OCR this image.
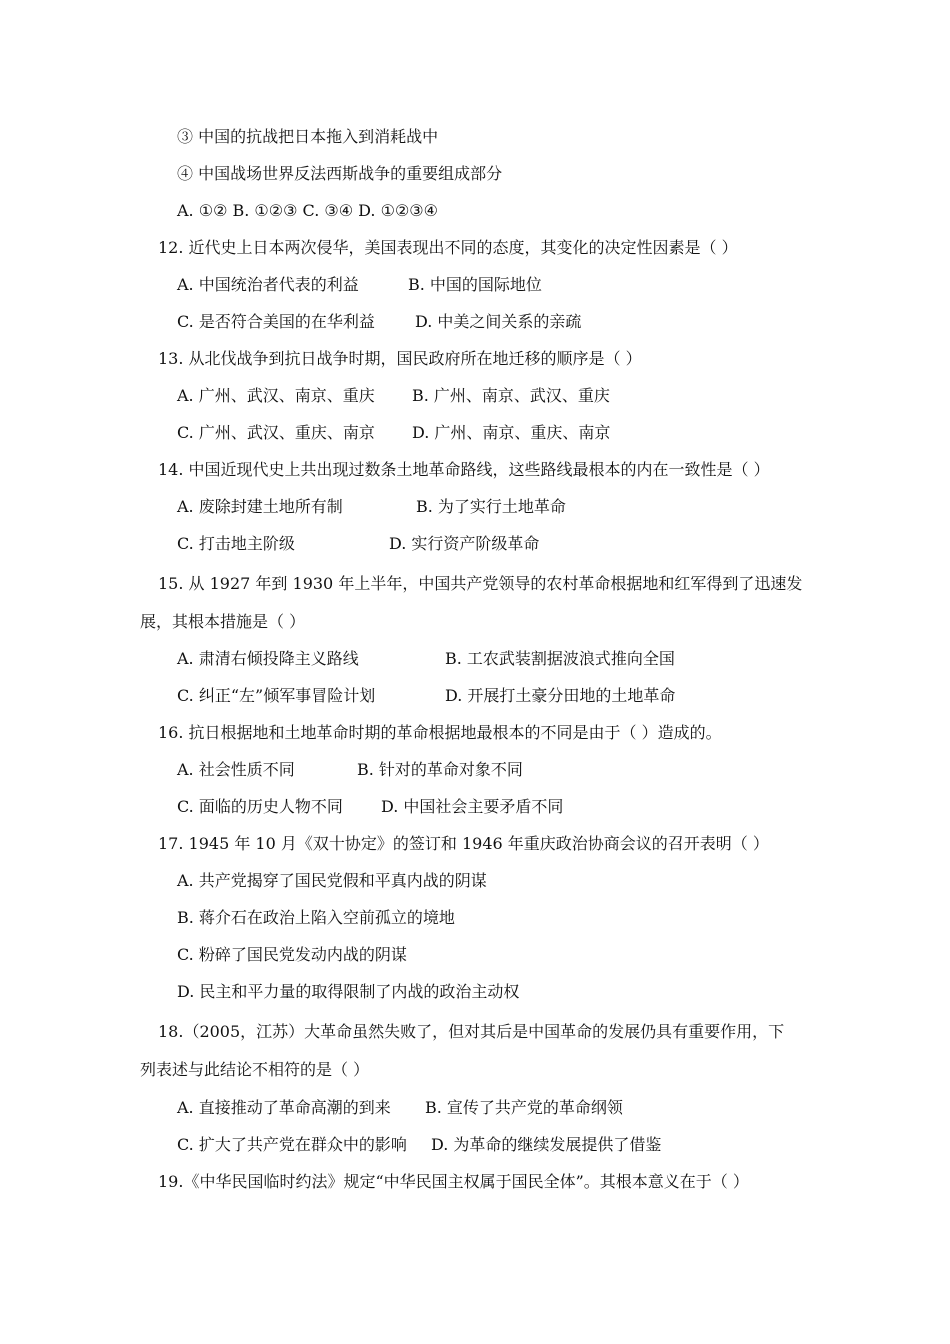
③ 中国的抗战把日本拖入到消耗战中
④ 中国战场世界反法西斯战争的重要组成部分
A. ①② B. ①②③ C. ③④ D. ①②③④
12. 近代史上日本两次侵华，美国表现出不同的态度，其变化的决定性因素是（ ）
A. 中国统治者代表的利益	B. 中国的国际地位
C. 是否符合美国的在华利益	D. 中美之间关系的亲疏
13. 从北伐战争到抗日战争时期，国民政府所在地迁移的顺序是（ ）
A. 广州、武汉、南京、重庆 B. 广州、南京、武汉、重庆
C. 广州、武汉、重庆、南京 D. 广州、南京、重庆、南京
14. 中国近现代史上共出现过数条土地革命路线，这些路线最根本的内在一致性是（ ）
A. 废除封建土地所有制	B. 为了实行土地革命
C. 打击地主阶级	D. 实行资产阶级革命
15. 从 1927 年到 1930 年上半年，中国共产党领导的农村革命根据地和红军得到了迅速发
展，其根本措施是（ ）
A. 肃清右倾投降主义路线	B. 工农武装割据波浪式推向全国
C. 纠正“左”倾军事冒险计划	D. 开展打土豪分田地的土地革命
16. 抗日根据地和土地革命时期的革命根据地最根本的不同是由于（ ）造成的。
A. 社会性质不同	B. 针对的革命对象不同
C. 面临的历史人物不同 D. 中国社会主要矛盾不同
17. 1945 年 10 月《双十协定》的签订和 1946 年重庆政治协商会议的召开表明（ ）
A. 共产党揭穿了国民党假和平真内战的阴谋
B. 蒋介石在政治上陷入空前孤立的境地
C. 粉碎了国民党发动内战的阴谋
D. 民主和平力量的取得限制了内战的政治主动权
18.（2005，江苏）大革命虽然失败了，但对其后是中国革命的发展仍具有重要作用，下
列表述与此结论不相符的是（ ）
A. 直接推动了革命高潮的到来 B. 宣传了共产党的革命纲领
C. 扩大了共产党在群众中的影响 D. 为革命的继续发展提供了借鉴
19.《中华民国临时约法》规定“中华民国主权属于国民全体”。其根本意义在于（ ）
